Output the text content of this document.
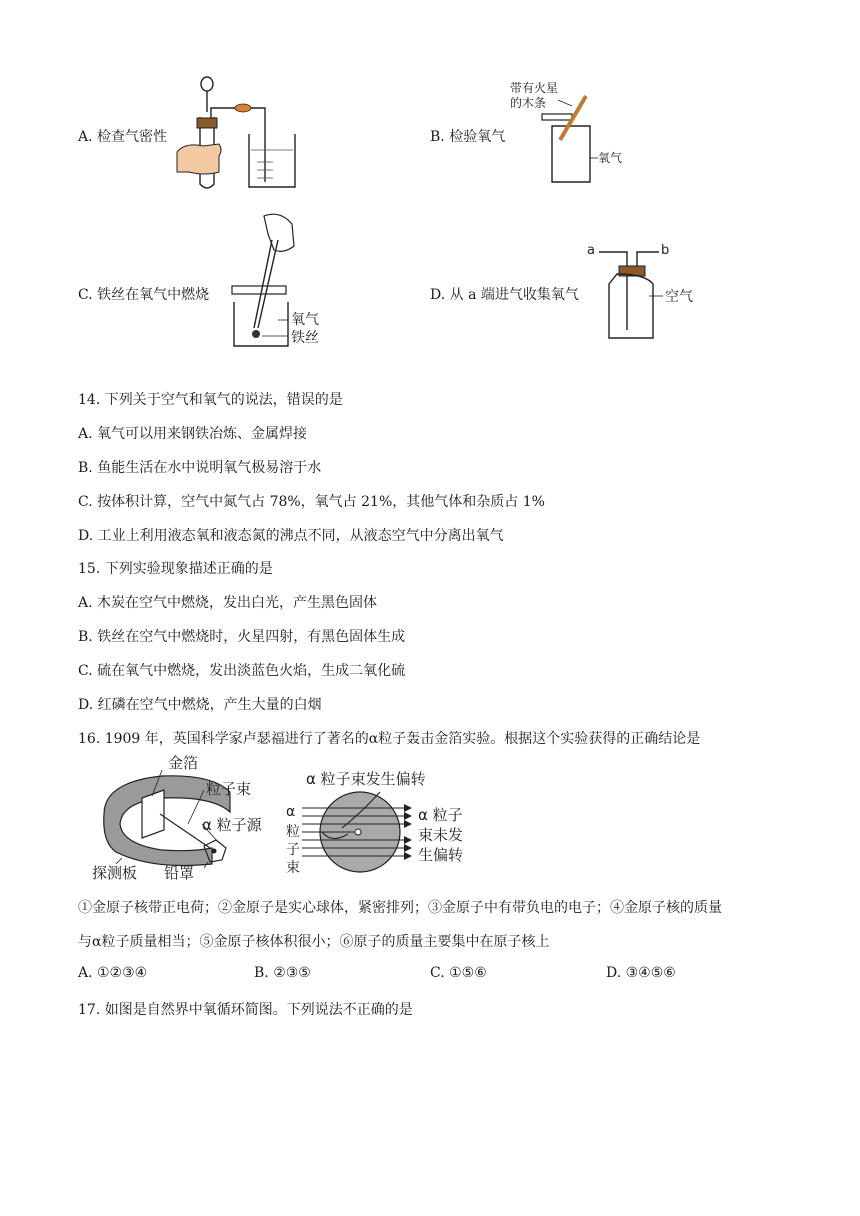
A. 检查气密性
带有火星
的木条
氧气
B. 检验氧气
氧气
铁丝
C. 铁丝在氧气中燃烧
a	b
空气
D. 从 a 端进气收集氧气
14. 下列关于空气和氧气的说法，错误的是
A. 氧气可以用来钢铁冶炼、金属焊接
B. 鱼能生活在水中说明氧气极易溶于水
C. 按体积计算，空气中氮气占 78%，氧气占 21%，其他气体和杂质占 1%
D. 工业上利用液态氧和液态氮的沸点不同，从液态空气中分离出氧气
15. 下列实验现象描述正确的是
A. 木炭在空气中燃烧，发出白光，产生黑色固体
B. 铁丝在空气中燃烧时，火星四射，有黑色固体生成
C. 硫在氧气中燃烧，发出淡蓝色火焰，生成二氧化硫
D. 红磷在空气中燃烧，产生大量的白烟
16. 1909 年，英国科学家卢瑟福进行了著名的α粒子轰击金箔实验。根据这个实验获得的正确结论是
金箔
粒子束
α 粒子源
探测板 铅罩
α 粒子束发生偏转
α
粒
子
束
α 粒子
束未发
生偏转
①金原子核带正电荷；②金原子是实心球体，紧密排列；③金原子中有带负电的电子；④金原子核的质量
与α粒子质量相当；⑤金原子核体积很小；⑥原子的质量主要集中在原子核上
A. ①②③④	B. ②③⑤	C. ①⑤⑥	D. ③④⑤⑥
17. 如图是自然界中氧循环简图。下列说法不正确的是
